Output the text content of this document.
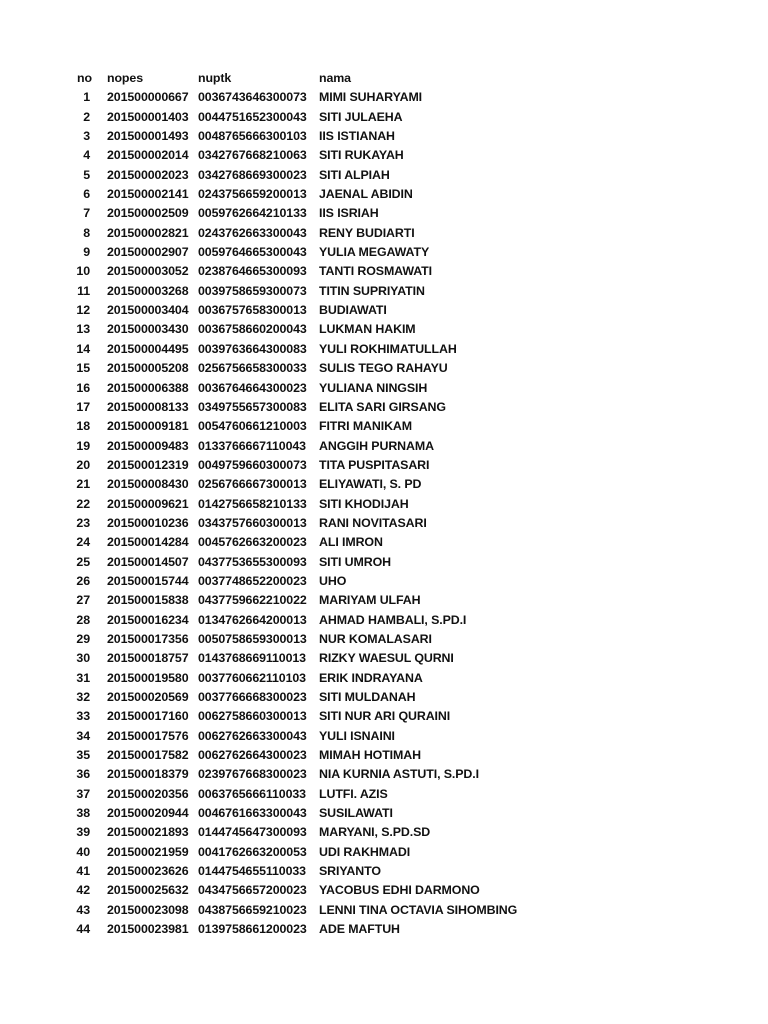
no nopes	nuptk	nama
1 201500000667 0036743646300073 MIMI SUHARYAMI
2 201500001403 0044751652300043 SITI JULAEHA
3 201500001493 0048765666300103 IIS ISTIANAH
4 201500002014 0342767668210063 SITI RUKAYAH
5 201500002023 0342768669300023 SITI ALPIAH
6 201500002141 0243756659200013 JAENAL ABIDIN
7 201500002509 0059762664210133 IIS ISRIAH
8 201500002821 0243762663300043 RENY BUDIARTI
9 201500002907 0059764665300043 YULIA MEGAWATY
10 201500003052 0238764665300093 TANTI ROSMAWATI
11 201500003268 0039758659300073 TITIN SUPRIYATIN
12 201500003404 0036757658300013 BUDIAWATI
13 201500003430 0036758660200043 LUKMAN HAKIM
14 201500004495 0039763664300083 YULI ROKHIMATULLAH
15 201500005208 0256756658300033 SULIS TEGO RAHAYU
16 201500006388 0036764664300023 YULIANA NINGSIH
17 201500008133 0349755657300083 ELITA SARI GIRSANG
18 201500009181 0054760661210003 FITRI MANIKAM
19 201500009483 0133766667110043 ANGGIH PURNAMA
20 201500012319 0049759660300073 TITA PUSPITASARI
21 201500008430 0256766667300013 ELIYAWATI, S. PD
22 201500009621 0142756658210133 SITI KHODIJAH
23 201500010236 0343757660300013 RANI NOVITASARI
24 201500014284 0045762663200023 ALI IMRON
25 201500014507 0437753655300093 SITI UMROH
26 201500015744 0037748652200023 UHO
27 201500015838 0437759662210022 MARIYAM ULFAH
28 201500016234 0134762664200013 AHMAD HAMBALI, S.PD.I
29 201500017356 0050758659300013 NUR KOMALASARI
30 201500018757 0143768669110013 RIZKY WAESUL QURNI
31 201500019580 0037760662110103 ERIK INDRAYANA
32 201500020569 0037766668300023 SITI MULDANAH
33 201500017160 0062758660300013 SITI NUR ARI QURAINI
34 201500017576 0062762663300043 YULI ISNAINI
35 201500017582 0062762664300023 MIMAH HOTIMAH
36 201500018379 0239767668300023 NIA KURNIA ASTUTI, S.PD.I
37 201500020356 0063765666110033 LUTFI. AZIS
38 201500020944 0046761663300043 SUSILAWATI
39 201500021893 0144745647300093 MARYANI, S.PD.SD
40 201500021959 0041762663200053 UDI RAKHMADI
41 201500023626 0144754655110033 SRIYANTO
42 201500025632 0434756657200023 YACOBUS EDHI DARMONO
43 201500023098 0438756659210023 LENNI TINA OCTAVIA SIHOMBING
44 201500023981 0139758661200023 ADE MAFTUH
